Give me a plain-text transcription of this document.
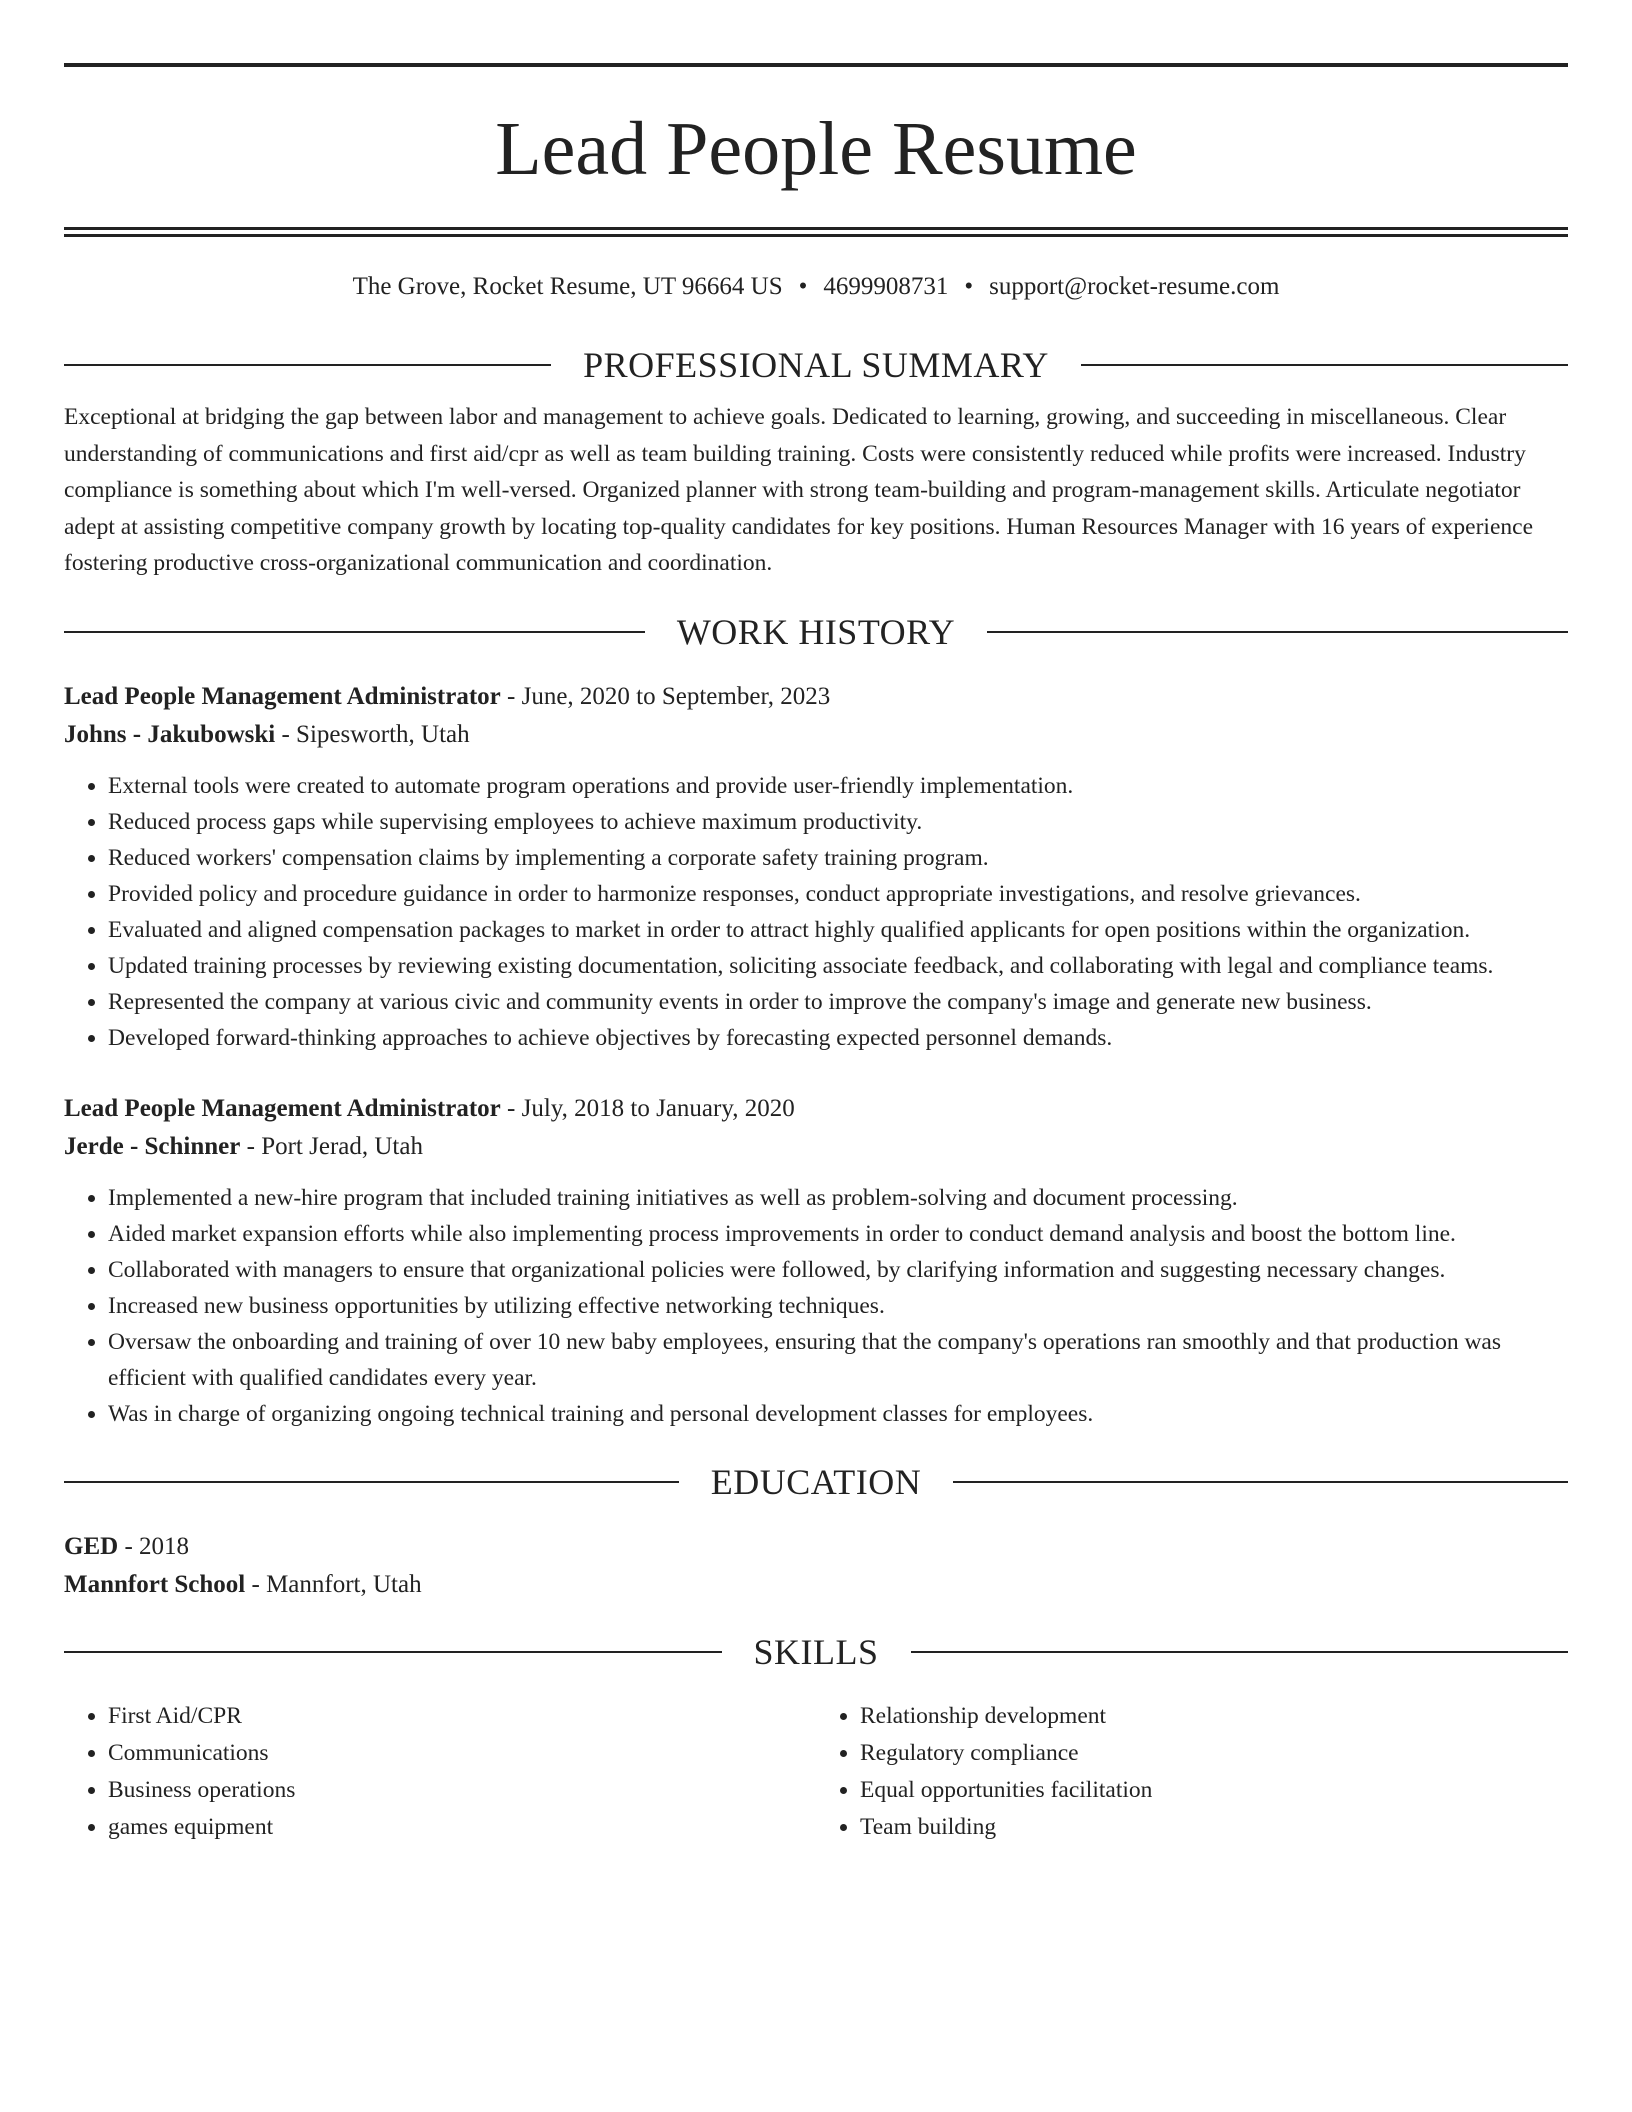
Lead People Resume
The Grove, Rocket Resume, UT 96664 US • 4699908731 • support@rocket-resume.com
PROFESSIONAL SUMMARY

Exceptional at bridging the gap between labor and management to achieve goals. Dedicated to learning, growing, and succeeding in miscellaneous. Clear understanding of communications and first aid/cpr as well as team building training. Costs were consistently reduced while profits were increased. Industry compliance is something about which I'm well-versed. Organized planner with strong team-building and program-management skills. Articulate negotiator adept at assisting competitive company growth by locating top-quality candidates for key positions. Human Resources Manager with 16 years of experience fostering productive cross-organizational communication and coordination.

WORK HISTORY
Lead People Management Administrator - June, 2020 to September, 2023
Johns - Jakubowski - Sipesworth, Utah
• External tools were created to automate program operations and provide user-friendly implementation.
• Reduced process gaps while supervising employees to achieve maximum productivity.
• Reduced workers' compensation claims by implementing a corporate safety training program.
• Provided policy and procedure guidance in order to harmonize responses, conduct appropriate investigations, and resolve grievances.
• Evaluated and aligned compensation packages to market in order to attract highly qualified applicants for open positions within the organization.
• Updated training processes by reviewing existing documentation, soliciting associate feedback, and collaborating with legal and compliance teams.
• Represented the company at various civic and community events in order to improve the company's image and generate new business.
• Developed forward-thinking approaches to achieve objectives by forecasting expected personnel demands.
Lead People Management Administrator - July, 2018 to January, 2020
Jerde - Schinner - Port Jerad, Utah
• Implemented a new-hire program that included training initiatives as well as problem-solving and document processing.
• Aided market expansion efforts while also implementing process improvements in order to conduct demand analysis and boost the bottom line.
• Collaborated with managers to ensure that organizational policies were followed, by clarifying information and suggesting necessary changes.
• Increased new business opportunities by utilizing effective networking techniques.
• Oversaw the onboarding and training of over 10 new baby employees, ensuring that the company's operations ran smoothly and that production was efficient with qualified candidates every year.
• Was in charge of organizing ongoing technical training and personal development classes for employees.
EDUCATION
GED - 2018
Mannfort School - Mannfort, Utah
SKILLS
• First Aid/CPR
• Communications
• Business operations
• games equipment
• Relationship development
• Regulatory compliance
• Equal opportunities facilitation
• Team building
